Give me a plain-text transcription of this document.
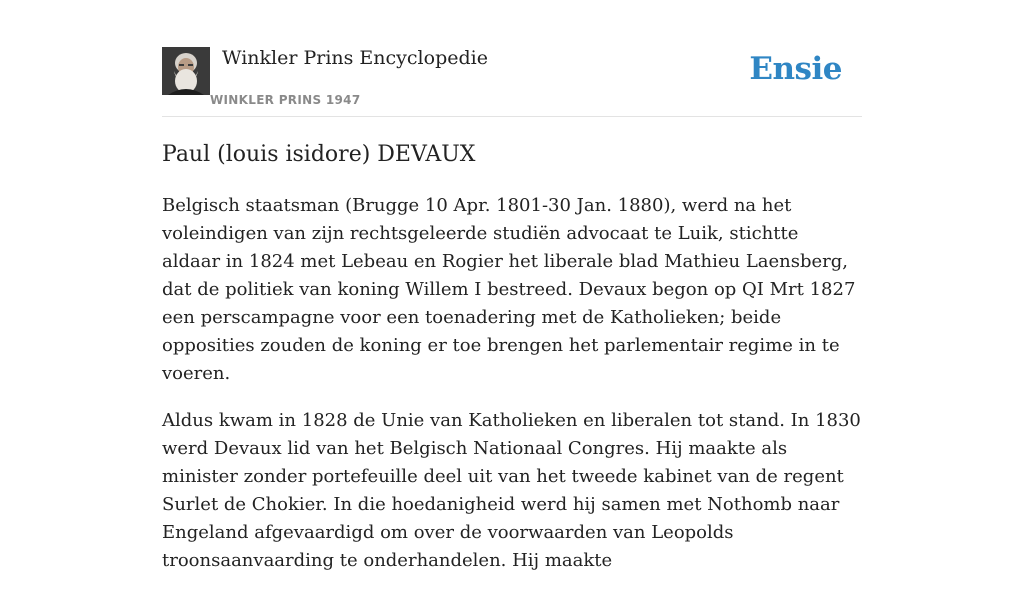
Winkler Prins Encyclopedie
WINKLER PRINS 1947
Ensie
Paul (louis isidore) DEVAUX

Belgisch staatsman (Brugge 10 Apr. 1801-30 Jan. 1880), werd na het voleindigen van zijn rechtsgeleerde studiën advocaat te Luik, stichtte aldaar in 1824 met Lebeau en Rogier het liberale blad Mathieu Laensberg, dat de politiek van koning Willem I bestreed. Devaux begon op QI Mrt 1827 een perscampagne voor een toenadering met de Katholieken; beide opposities zouden de koning er toe brengen het parlementair regime in te voeren.

Aldus kwam in 1828 de Unie van Katholieken en liberalen tot stand. In 1830 werd Devaux lid van het Belgisch Nationaal Congres. Hij maakte als minister zonder portefeuille deel uit van het tweede kabinet van de regent Surlet de Chokier. In die hoedanigheid werd hij samen met Nothomb naar Engeland afgevaardigd om over de voorwaarden van Leopolds troonsaanvaarding te onderhandelen. Hij maakte
